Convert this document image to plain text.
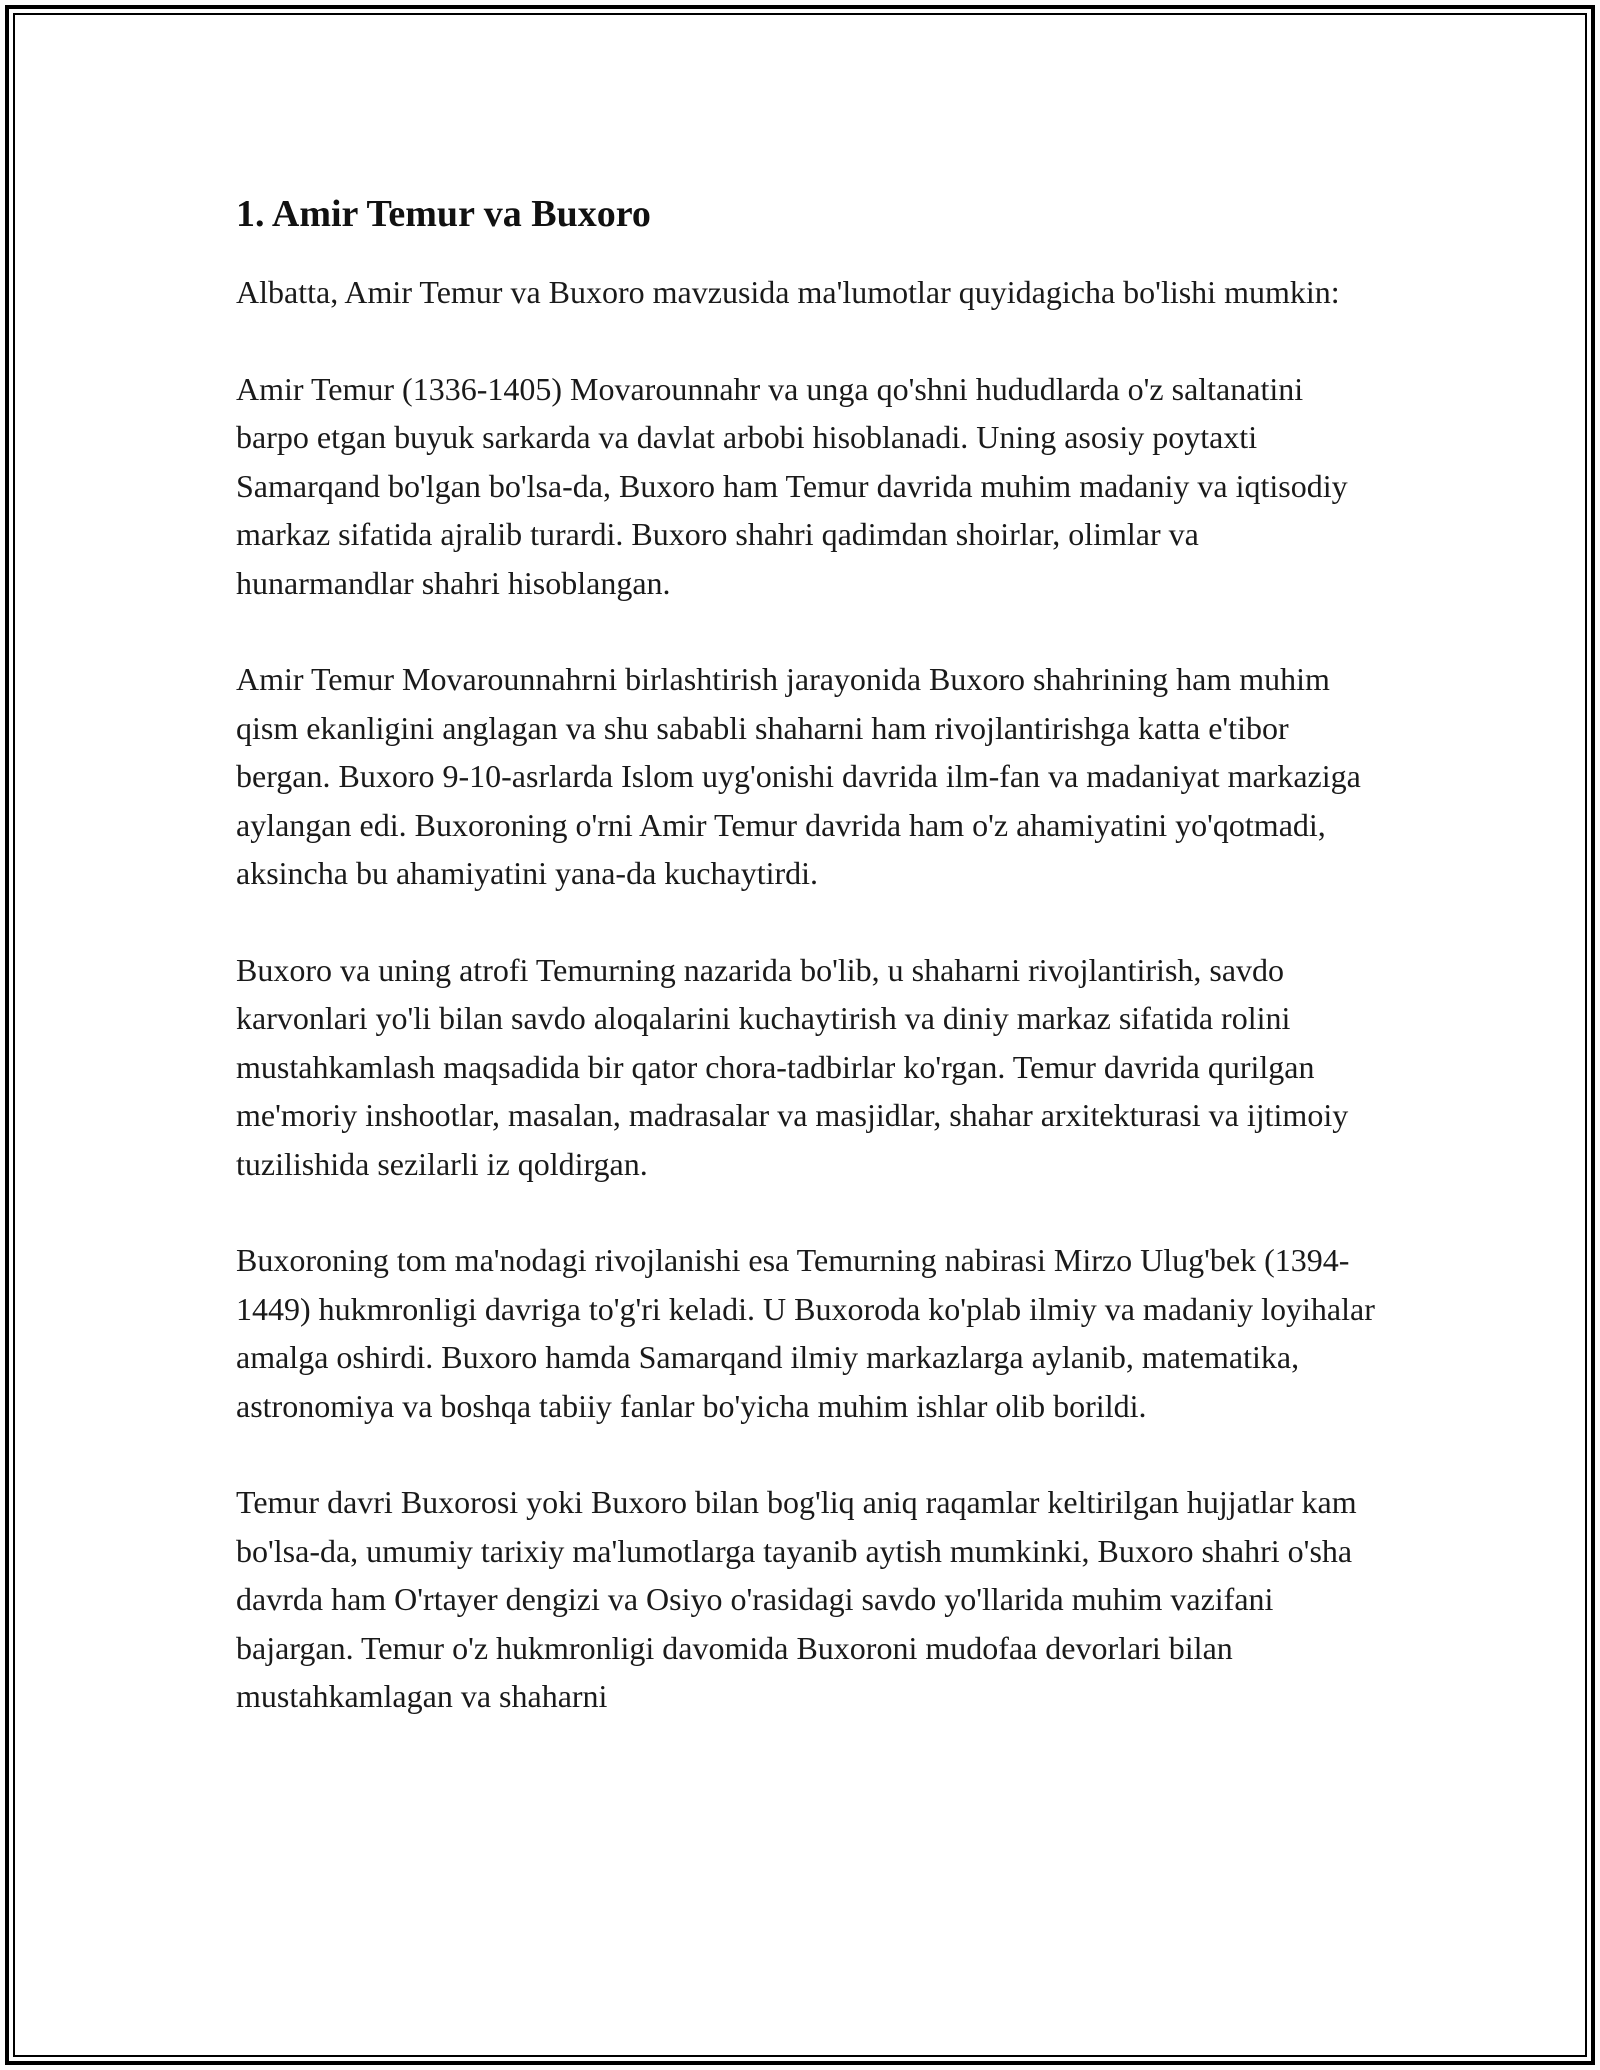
1. Amir Temur va Buxoro

Albatta, Amir Temur va Buxoro mavzusida ma'lumotlar quyidagicha bo'lishi mumkin:

Amir Temur (1336-1405) Movarounnahr va unga qo'shni hududlarda o'z saltanatini barpo etgan buyuk sarkarda va davlat arbobi hisoblanadi. Uning asosiy poytaxti Samarqand bo'lgan bo'lsa-da, Buxoro ham Temur davrida muhim madaniy va iqtisodiy markaz sifatida ajralib turardi. Buxoro shahri qadimdan shoirlar, olimlar va hunarmandlar shahri hisoblangan.

Amir Temur Movarounnahrni birlashtirish jarayonida Buxoro shahrining ham muhim qism ekanligini anglagan va shu sababli shaharni ham rivojlantirishga katta e'tibor bergan. Buxoro 9-10-asrlarda Islom uyg'onishi davrida ilm-fan va madaniyat markaziga aylangan edi. Buxoroning o'rni Amir Temur davrida ham o'z ahamiyatini yo'qotmadi, aksincha bu ahamiyatini yana-da kuchaytirdi.

Buxoro va uning atrofi Temurning nazarida bo'lib, u shaharni rivojlantirish, savdo karvonlari yo'li bilan savdo aloqalarini kuchaytirish va diniy markaz sifatida rolini mustahkamlash maqsadida bir qator chora-tadbirlar ko'rgan. Temur davrida qurilgan me'moriy inshootlar, masalan, madrasalar va masjidlar, shahar arxitekturasi va ijtimoiy tuzilishida sezilarli iz qoldirgan.

Buxoroning tom ma'nodagi rivojlanishi esa Temurning nabirasi Mirzo Ulug'bek (1394-1449) hukmronligi davriga to'g'ri keladi. U Buxoroda ko'plab ilmiy va madaniy loyihalar amalga oshirdi. Buxoro hamda Samarqand ilmiy markazlarga aylanib, matematika, astronomiya va boshqa tabiiy fanlar bo'yicha muhim ishlar olib borildi.

Temur davri Buxorosi yoki Buxoro bilan bog'liq aniq raqamlar keltirilgan hujjatlar kam bo'lsa-da, umumiy tarixiy ma'lumotlarga tayanib aytish mumkinki, Buxoro shahri o'sha davrda ham O'rtayer dengizi va Osiyo o'rasidagi savdo yo'llarida muhim vazifani bajargan. Temur o'z hukmronligi davomida Buxoroni mudofaa devorlari bilan mustahkamlagan va shaharni
